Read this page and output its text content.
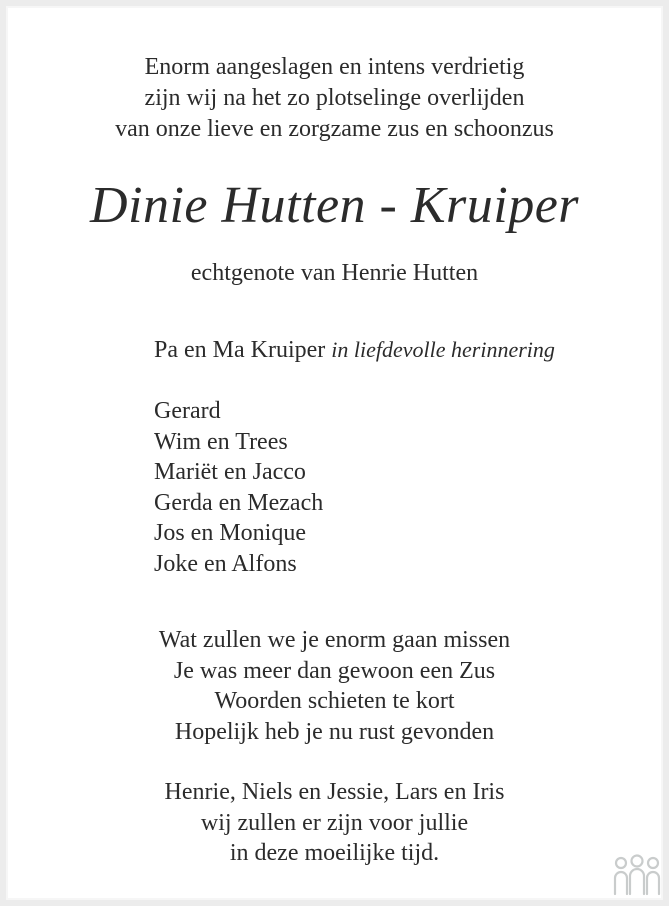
Enorm aangeslagen en intens verdrietig
zijn wij na het zo plotselinge overlijden
van onze lieve en zorgzame zus en schoonzus
Dinie Hutten - Kruiper
echtgenote van Henrie Hutten
Pa en Ma Kruiper in liefdevolle herinnering
Gerard
Wim en Trees
Mariët en Jacco
Gerda en Mezach
Jos en Monique
Joke en Alfons
Wat zullen we je enorm gaan missen
Je was meer dan gewoon een Zus
Woorden schieten te kort
Hopelijk heb je nu rust gevonden
Henrie, Niels en Jessie, Lars en Iris
wij zullen er zijn voor jullie
in deze moeilijke tijd.
